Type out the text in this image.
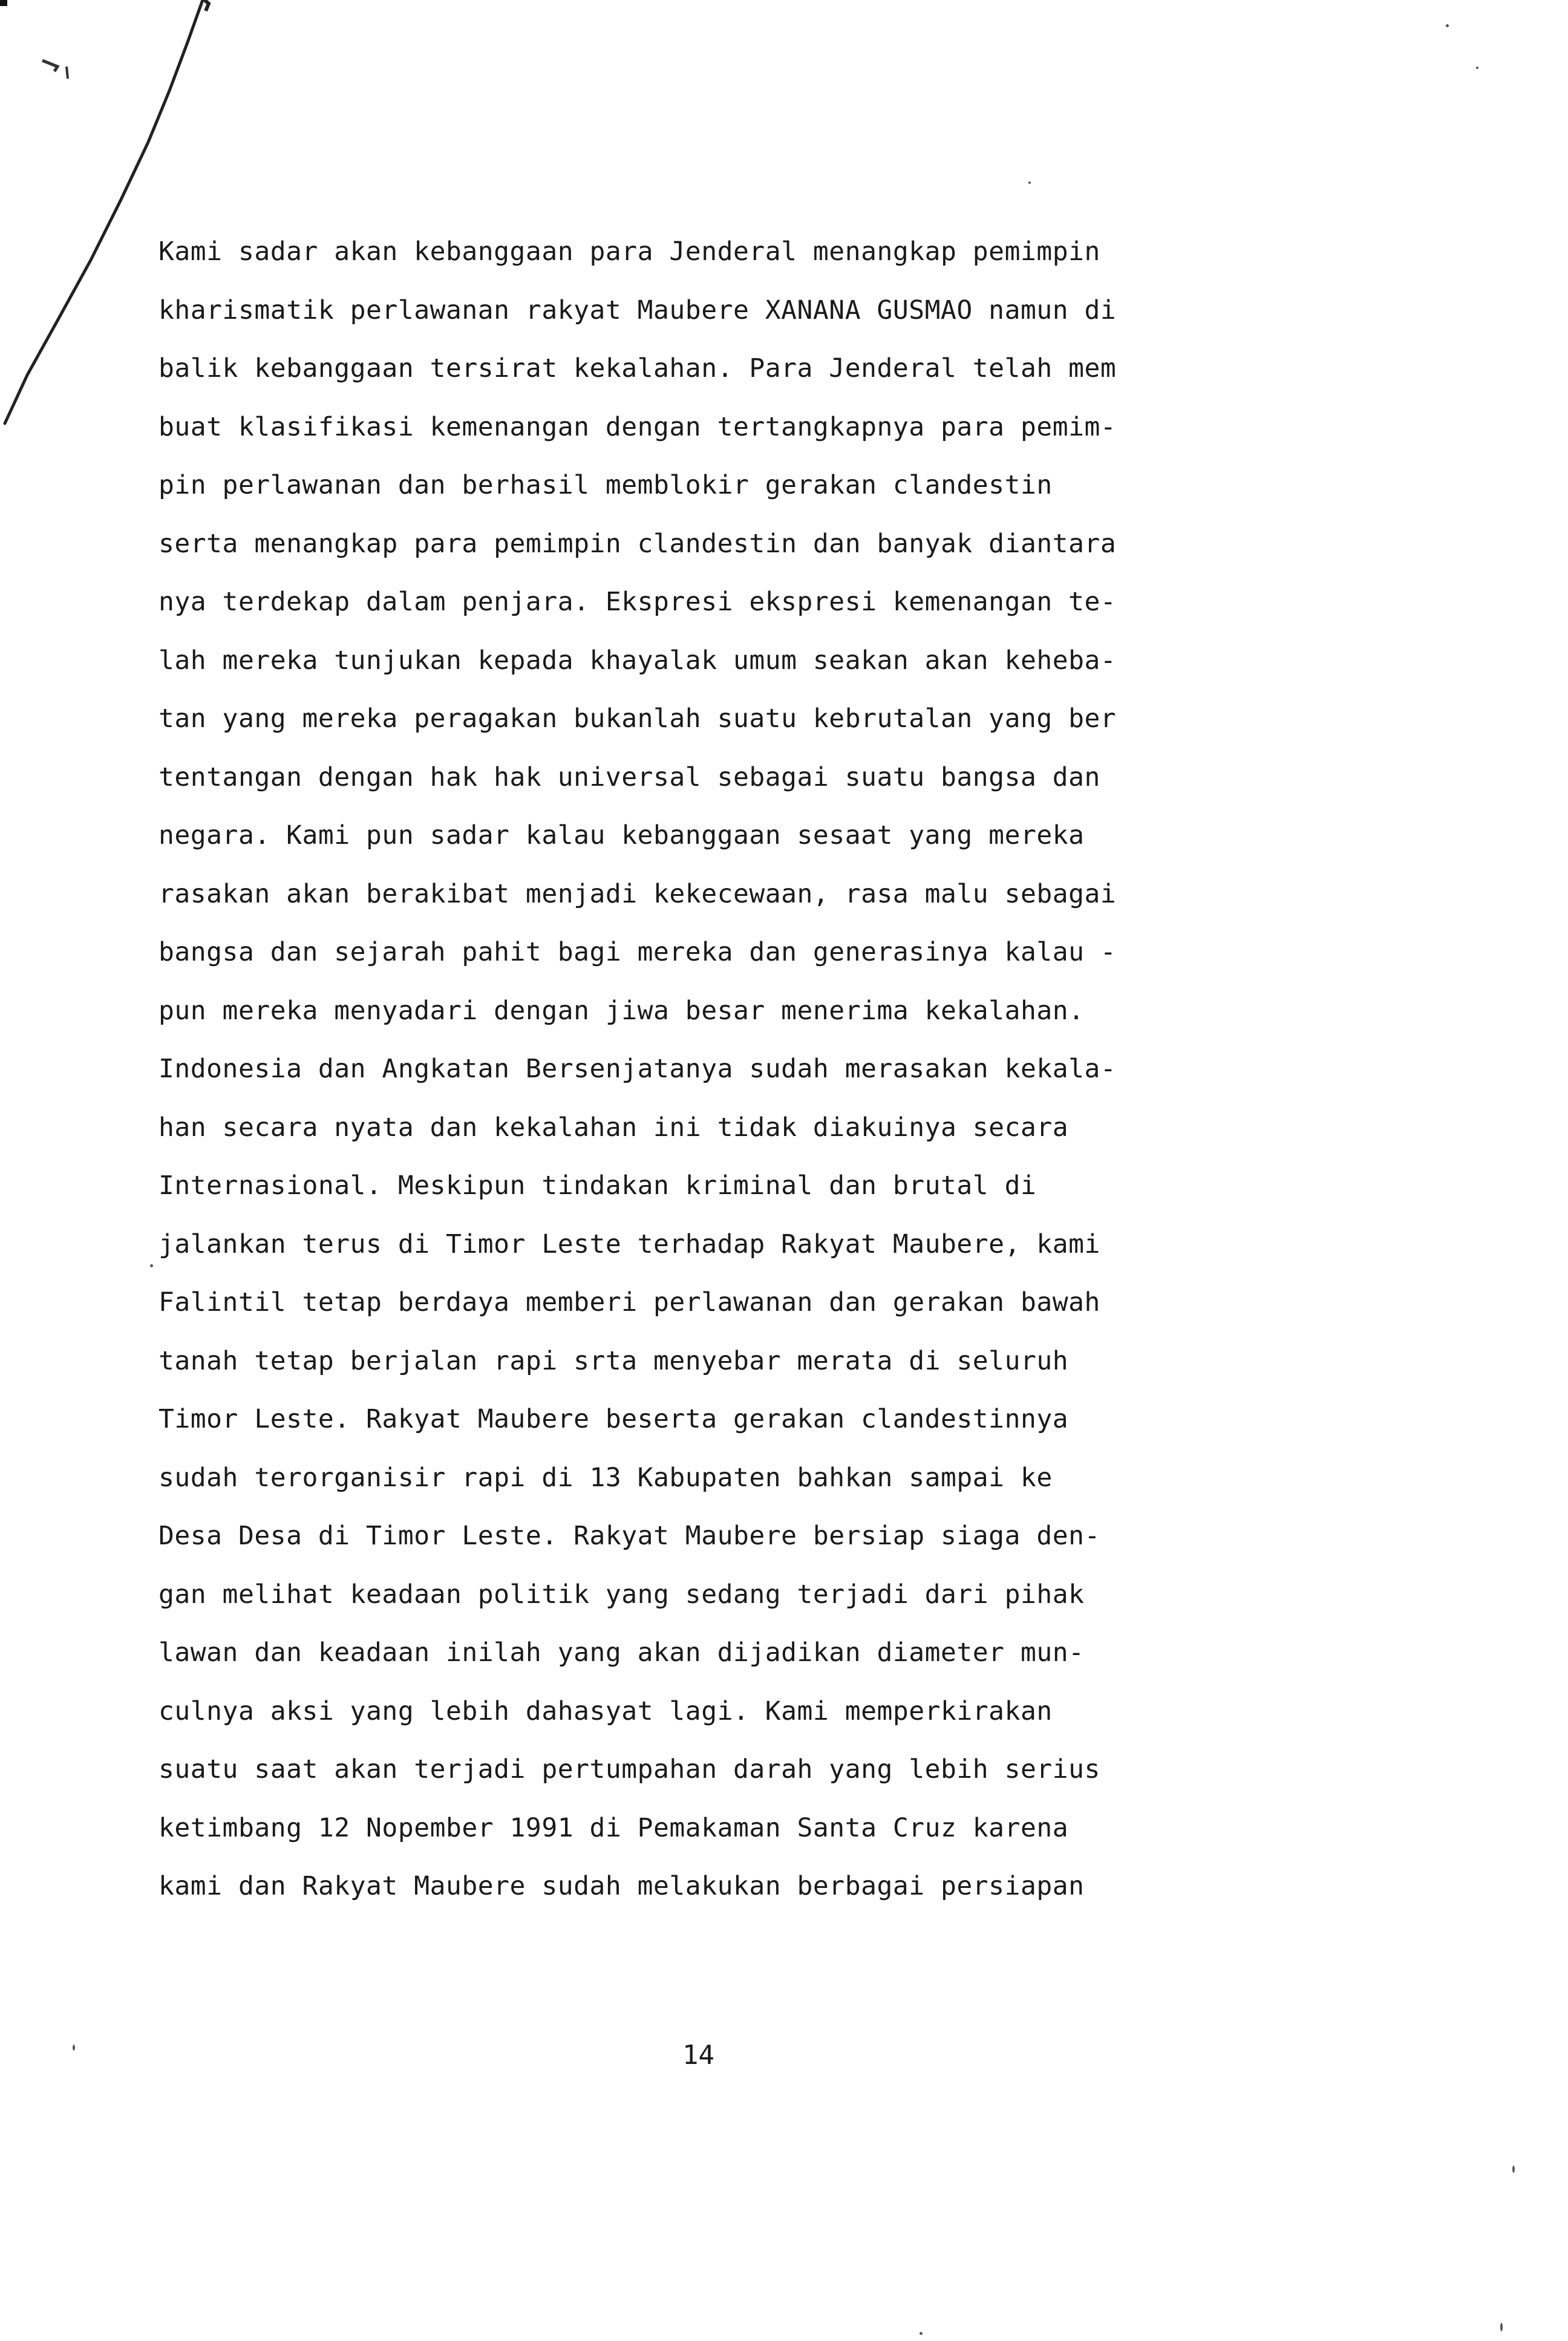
Kami sadar akan kebanggaan para Jenderal menangkap pemimpin
kharismatik perlawanan rakyat Maubere XANANA GUSMAO namun di
balik kebanggaan tersirat kekalahan. Para Jenderal telah mem
buat klasifikasi kemenangan dengan tertangkapnya para pemim-
pin perlawanan dan berhasil memblokir gerakan clandestin
serta menangkap para pemimpin clandestin dan banyak diantara
nya terdekap dalam penjara. Ekspresi ekspresi kemenangan te-
lah mereka tunjukan kepada khayalak umum seakan akan keheba-
tan yang mereka peragakan bukanlah suatu kebrutalan yang ber
tentangan dengan hak hak universal sebagai suatu bangsa dan
negara. Kami pun sadar kalau kebanggaan sesaat yang mereka
rasakan akan berakibat menjadi kekecewaan, rasa malu sebagai
bangsa dan sejarah pahit bagi mereka dan generasinya kalau -
pun mereka menyadari dengan jiwa besar menerima kekalahan.
Indonesia dan Angkatan Bersenjatanya sudah merasakan kekala-
han secara nyata dan kekalahan ini tidak diakuinya secara
Internasional. Meskipun tindakan kriminal dan brutal di
jalankan terus di Timor Leste terhadap Rakyat Maubere, kami
Falintil tetap berdaya memberi perlawanan dan gerakan bawah
tanah tetap berjalan rapi srta menyebar merata di seluruh
Timor Leste. Rakyat Maubere beserta gerakan clandestinnya
sudah terorganisir rapi di 13 Kabupaten bahkan sampai ke
Desa Desa di Timor Leste. Rakyat Maubere bersiap siaga den-
gan melihat keadaan politik yang sedang terjadi dari pihak
lawan dan keadaan inilah yang akan dijadikan diameter mun-
culnya aksi yang lebih dahasyat lagi. Kami memperkirakan
suatu saat akan terjadi pertumpahan darah yang lebih serius
ketimbang 12 Nopember 1991 di Pemakaman Santa Cruz karena
kami dan Rakyat Maubere sudah melakukan berbagai persiapan
14
